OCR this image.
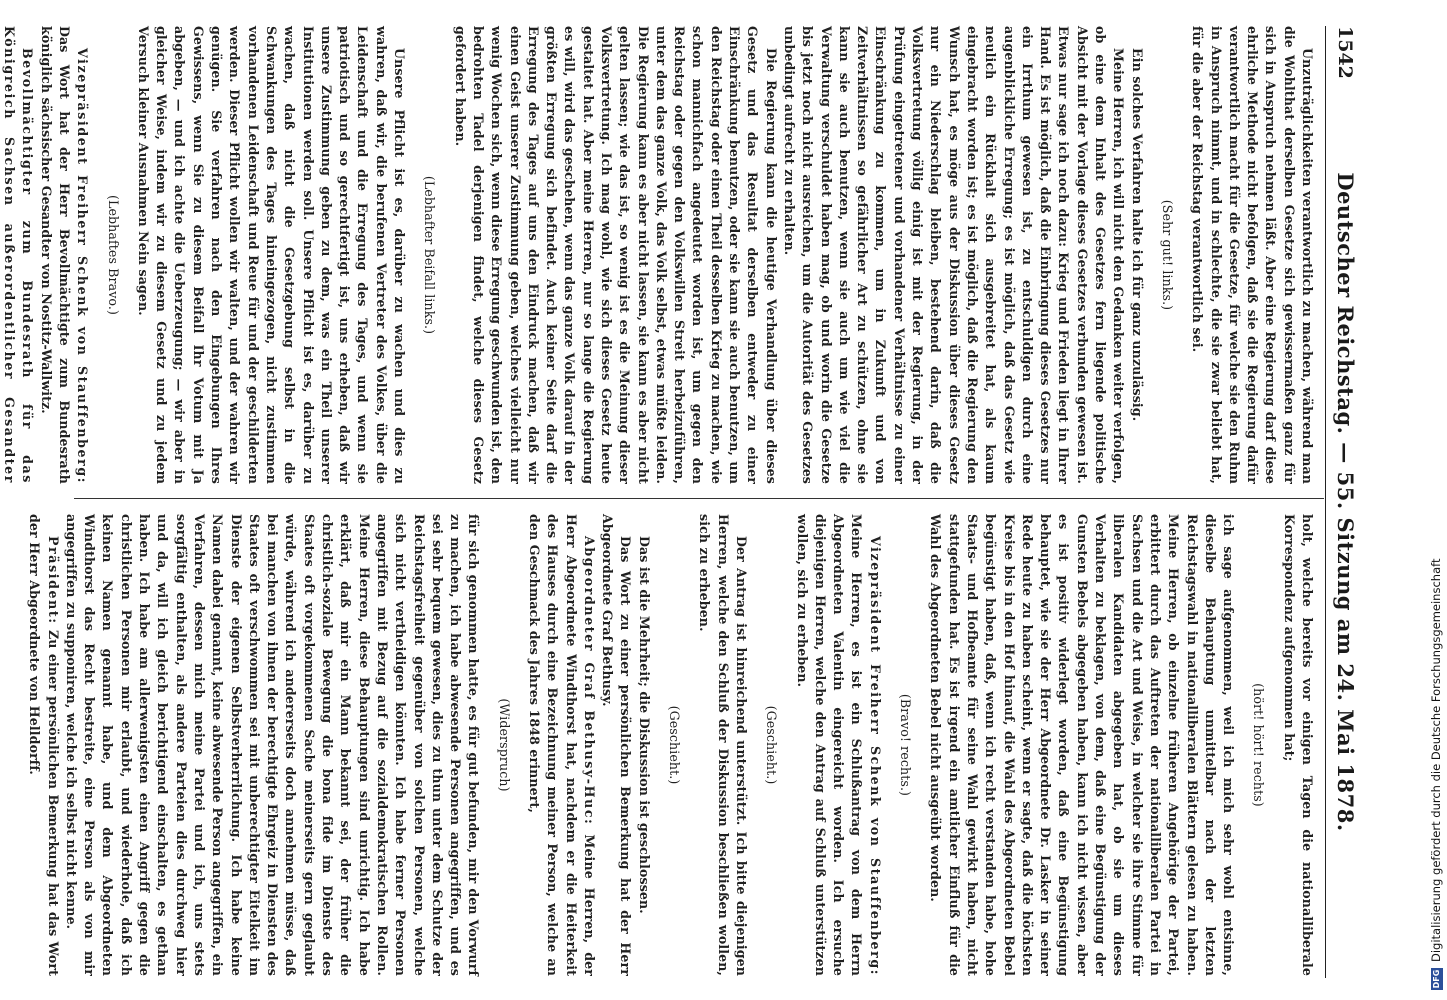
1542
Deutscher Reichstag. — 55. Sitzung am 24. Mai 1878.

Unzuträglichkeiten verantwortlich zu machen, während man die Wohlthat derselben Gesetze sich gewissermaßen ganz für sich in Anspruch nehmen läßt. Aber eine Regierung darf diese ehrliche Methode nicht befolgen, daß sie die Regierung dafür verantwortlich macht für die Gesetze, für welche sie den Ruhm in Anspruch nimmt, und in schlechte, die sie zwar beliebt hat, für die aber der Reichstag verantwortlich sei.

(Sehr gut! links.)

Ein solches Verfahren halte ich für ganz unzulässig.

Meine Herren, ich will nicht den Gedanken weiter verfolgen, ob eine dem Inhalt des Gesetzes fern liegende politische Absicht mit der Vorlage dieses Gesetzes verbunden gewesen ist. Etwas nur sage ich noch dazu: Krieg und Frieden liegt in Ihrer Hand. Es ist möglich, daß die Einbringung dieses Gesetzes nur ein Irrthum gewesen ist, zu entschuldigen durch eine augenblickliche Erregung; es ist möglich, daß das Gesetz wie neulich ein Rückhalt sich ausgebreitet hat, als kaum eingebracht worden ist; es ist möglich, daß die Regierung den Wunsch hat, es möge aus der Diskussion über dieses Gesetz nur ein Niederschlag bleiben, bestehend darin, daß die Volksvertretung völlig einig ist mit der Regierung, in der Prüfung eingetretener und vorhandener Verhältnisse zu einer Einschränkung zu kommen, um in Zukunft und von Zeitverhältnissen so gefährlicher Art zu schützen, ohne sie kann sie auch benutzen, wenn sie auch um wie viel die Verwaltung verschuldet haben mag, ob und worin die Gesetze bis jetzt noch nicht ausreichen, um die Autorität des Gesetzes unbedingt aufrecht zu erhalten.

Die Regierung kann die heutige Verhandlung über dieses Gesetz und das Resultat derselben entweder zu einer Einschränkung benutzen, oder sie kann sie auch benutzen, um den Reichstag oder einen Theil desselben Krieg zu machen, wie schon mannichfach angedeutet worden ist, um gegen den Reichstag oder gegen den Volkswillen Streit herbeizuführen, unter dem das ganze Volk, das Volk selbst, etwas müßte leiden. Die Regierung kann es aber nicht lassen, sie kann es aber nicht gelten lassen; wie das ist, so wenig ist es die Meinung dieser Volksvertretung. Ich mag wohl, wie sich dieses Gesetz heute gestaltet hat. Aber meine Herren, nur so lange die Regierung es will, wird das geschehen, wenn das ganze Volk darauf in der größten Erregung sich befindet. Auch keiner Seite darf die Erregung des Tages auf uns den Eindruck machen, daß wir einen Geist unserer Zustimmung geben, welches vielleicht nur wenig Wochen sich, wenn diese Erregung geschwunden ist, den bedrohten Tadel derjenigen findet, welche dieses Gesetz gefordert haben.

(Lebhafter Beifall links.)

Unsere Pflicht ist es, darüber zu wachen und dies zu wahren, daß wir, die berufenen Vertreter des Volkes, über die Leidenschaft und die Erregung des Tages, und wenn sie patriotisch und so gerechtfertigt ist, uns erheben, daß wir unsere Zustimmung geben zu dem, was ein Theil unserer Institutionen werden soll. Unsere Pflicht ist es, darüber zu wachen, daß nicht die Gesetzgebung selbst in die Schwankungen des Tages hineingezogen, nicht zustimmen vorhandenen Leidenschaft und Reue für und der geschilderten werden. Dieser Pflicht wollen wir walten, und der wahren wir genügen. Sie verfahren nach den Eingebungen Ihres Gewissens, wenn Sie zu diesem Beifall Ihr Votum mit Ja abgeben, — und ich achte die Ueberzeugung; — wir aber in gleicher Weise, indem wir zu diesem Gesetz und zu jedem Versuch kleiner Ausnahmen Nein sagen.

(Lebhaftes Bravo.)

Vizepräsident Freiherr Schenk von Stauffenberg: Das Wort hat der Herr Bevollmächtigte zum Bundesrath königlich sächsischer Gesandter von Nostitz-Wallwitz.

Bevollmächtigter zum Bundesrath für das Königreich Sachsen außerordentlicher Gesandter

holt, welche bereits vor einigen Tagen die nationalliberale Korrespondenz aufgenommen hat;

(hört! hört! rechts)

ich sage aufgenommen, weil ich mich sehr wohl entsinne, dieselbe Behauptung unmittelbar nach der letzten Reichstagswahl in nationalliberalen Blättern gelesen zu haben. Meine Herren, ob einzelne früheren Angehörige der Partei, erbittert durch das Auftreten der nationalliberalen Partei in Sachsen und die Art und Weise, in welcher sie ihre Stimme für liberalen Kandidaten abgegeben hat, ob sie um dieses Verhalten zu beklagen, von dem, daß eine Begünstigung der Gunsten Bebels abgegeben haben, kann ich nicht wissen, aber es ist positiv widerlegt worden, daß eine Begünstigung behauptet, wie sie der Herr Abgeordnete Dr. Lasker in seiner Rede heute zu haben scheint, wenn er sagte, daß die höchsten Kreise bis in den Hof hinauf, die Wahl des Abgeordneten Bebel begünstigt haben, daß, wenn ich recht verstanden habe, hohe Staats- und Hofbeamte für seine Wahl gewirkt haben, nicht stattgefunden hat. Es ist irgend ein amtlicher Einfluß für die Wahl des Abgeordneten Bebel nicht ausgeübt worden.

(Bravo! rechts.)

Vizepräsident Freiherr Schenk von Stauffenberg: Meine Herren, es ist ein Schlußantrag von dem Herrn Abgeordneten Valentin eingereicht worden. Ich ersuche diejenigen Herren, welche den Antrag auf Schluß unterstützen wollen, sich zu erheben.

(Geschieht.)

Der Antrag ist hinreichend unterstützt. Ich bitte diejenigen Herren, welche den Schluß der Diskussion beschließen wollen, sich zu erheben.

(Geschieht.)

Das ist die Mehrheit; die Diskussion ist geschlossen.

Das Wort zu einer persönlichen Bemerkung hat der Herr Abgeordnete Graf Bethusy.

Abgeordneter Graf Bethusy-Huc: Meine Herren, der Herr Abgeordnete Windthorst hat, nachdem er die Heiterkeit des Hauses durch eine Bezeichnung meiner Person, welche an den Geschmack des Jahres 1848 erinnert,

(Widerspruch)

für sich genommen hatte, es für gut befunden, mir den Vorwurf zu machen, ich habe abwesende Personen angegriffen, und es sei sehr bequem gewesen, dies zu thun unter dem Schutze der Reichstagsfreiheit gegenüber von solchen Personen, welche sich nicht vertheidigen könnten. Ich habe ferner Personen angegriffen mit Bezug auf die sozialdemokratischen Rollen. Meine Herren, diese Behauptungen sind unrichtig. Ich habe erklärt, daß mir ein Mann bekannt sei, der früher die christlich-soziale Bewegung die bona fide im Dienste des Staates oft vorgekommenen Sache meinerseits gern geglaubt würde, während ich andererseits doch annehmen müsse, daß bei manchen von ihnen der berechtigte Ehrgeiz in Diensten des Staates oft verschwommen sei mit unberechtigter Eitelkeit im Dienste der eigenen Selbstverherrlichung. Ich habe keine Namen dabei genannt, keine abwesende Person angegriffen, ein Verfahren, dessen mich meine Partei und ich, uns stets sorgfältig enthalten, als andere Parteien dies durchweg hier und da, will ich gleich berichtigend einschalten, es gethan haben. Ich habe am allerwenigsten einen Angriff gegen die christlichen Personen mir erlaubt, und wiederhole, daß ich keinen Namen genannt habe, und dem Abgeordneten Windthorst das Recht bestreite, eine Person als von mir angegriffen zu supponiren, welche ich selbst nicht kenne.

Präsident: Zu einer persönlichen Bemerkung hat das Wort der Herr Abgeordnete von Helldorff.

DFGDigitalisierung gefördert durch die Deutsche Forschungsgemeinschaft
